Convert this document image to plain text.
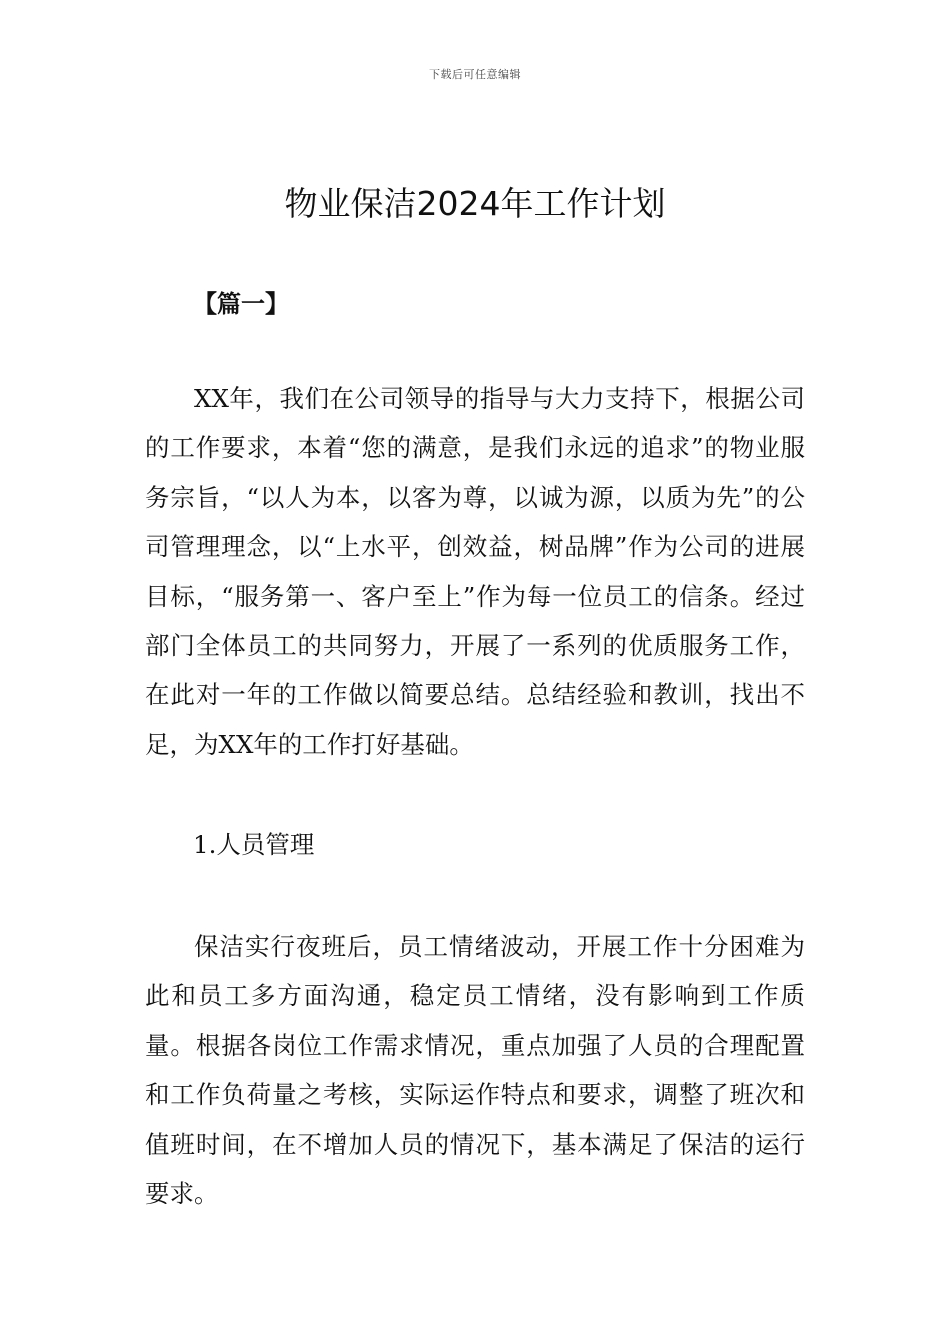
下载后可任意编辑
物业保洁2024年工作计划
【篇一】

XX年，我们在公司领导的指导与大力支持下，根据公司的工作要求，本着“您的满意，是我们永远的追求”的物业服务宗旨，“以人为本，以客为尊，以诚为源，以质为先”的公司管理理念，以“上水平，创效益，树品牌”作为公司的进展目标，“服务第一、客户至上”作为每一位员工的信条。经过部门全体员工的共同努力，开展了一系列的优质服务工作，在此对一年的工作做以简要总结。总结经验和教训，找出不足，为XX年的工作打好基础。

1.人员管理

保洁实行夜班后，员工情绪波动，开展工作十分困难为此和员工多方面沟通，稳定员工情绪，没有影响到工作质量。根据各岗位工作需求情况，重点加强了人员的合理配置和工作负荷量之考核，实际运作特点和要求，调整了班次和值班时间，在不增加人员的情况下，基本满足了保洁的运行要求。
